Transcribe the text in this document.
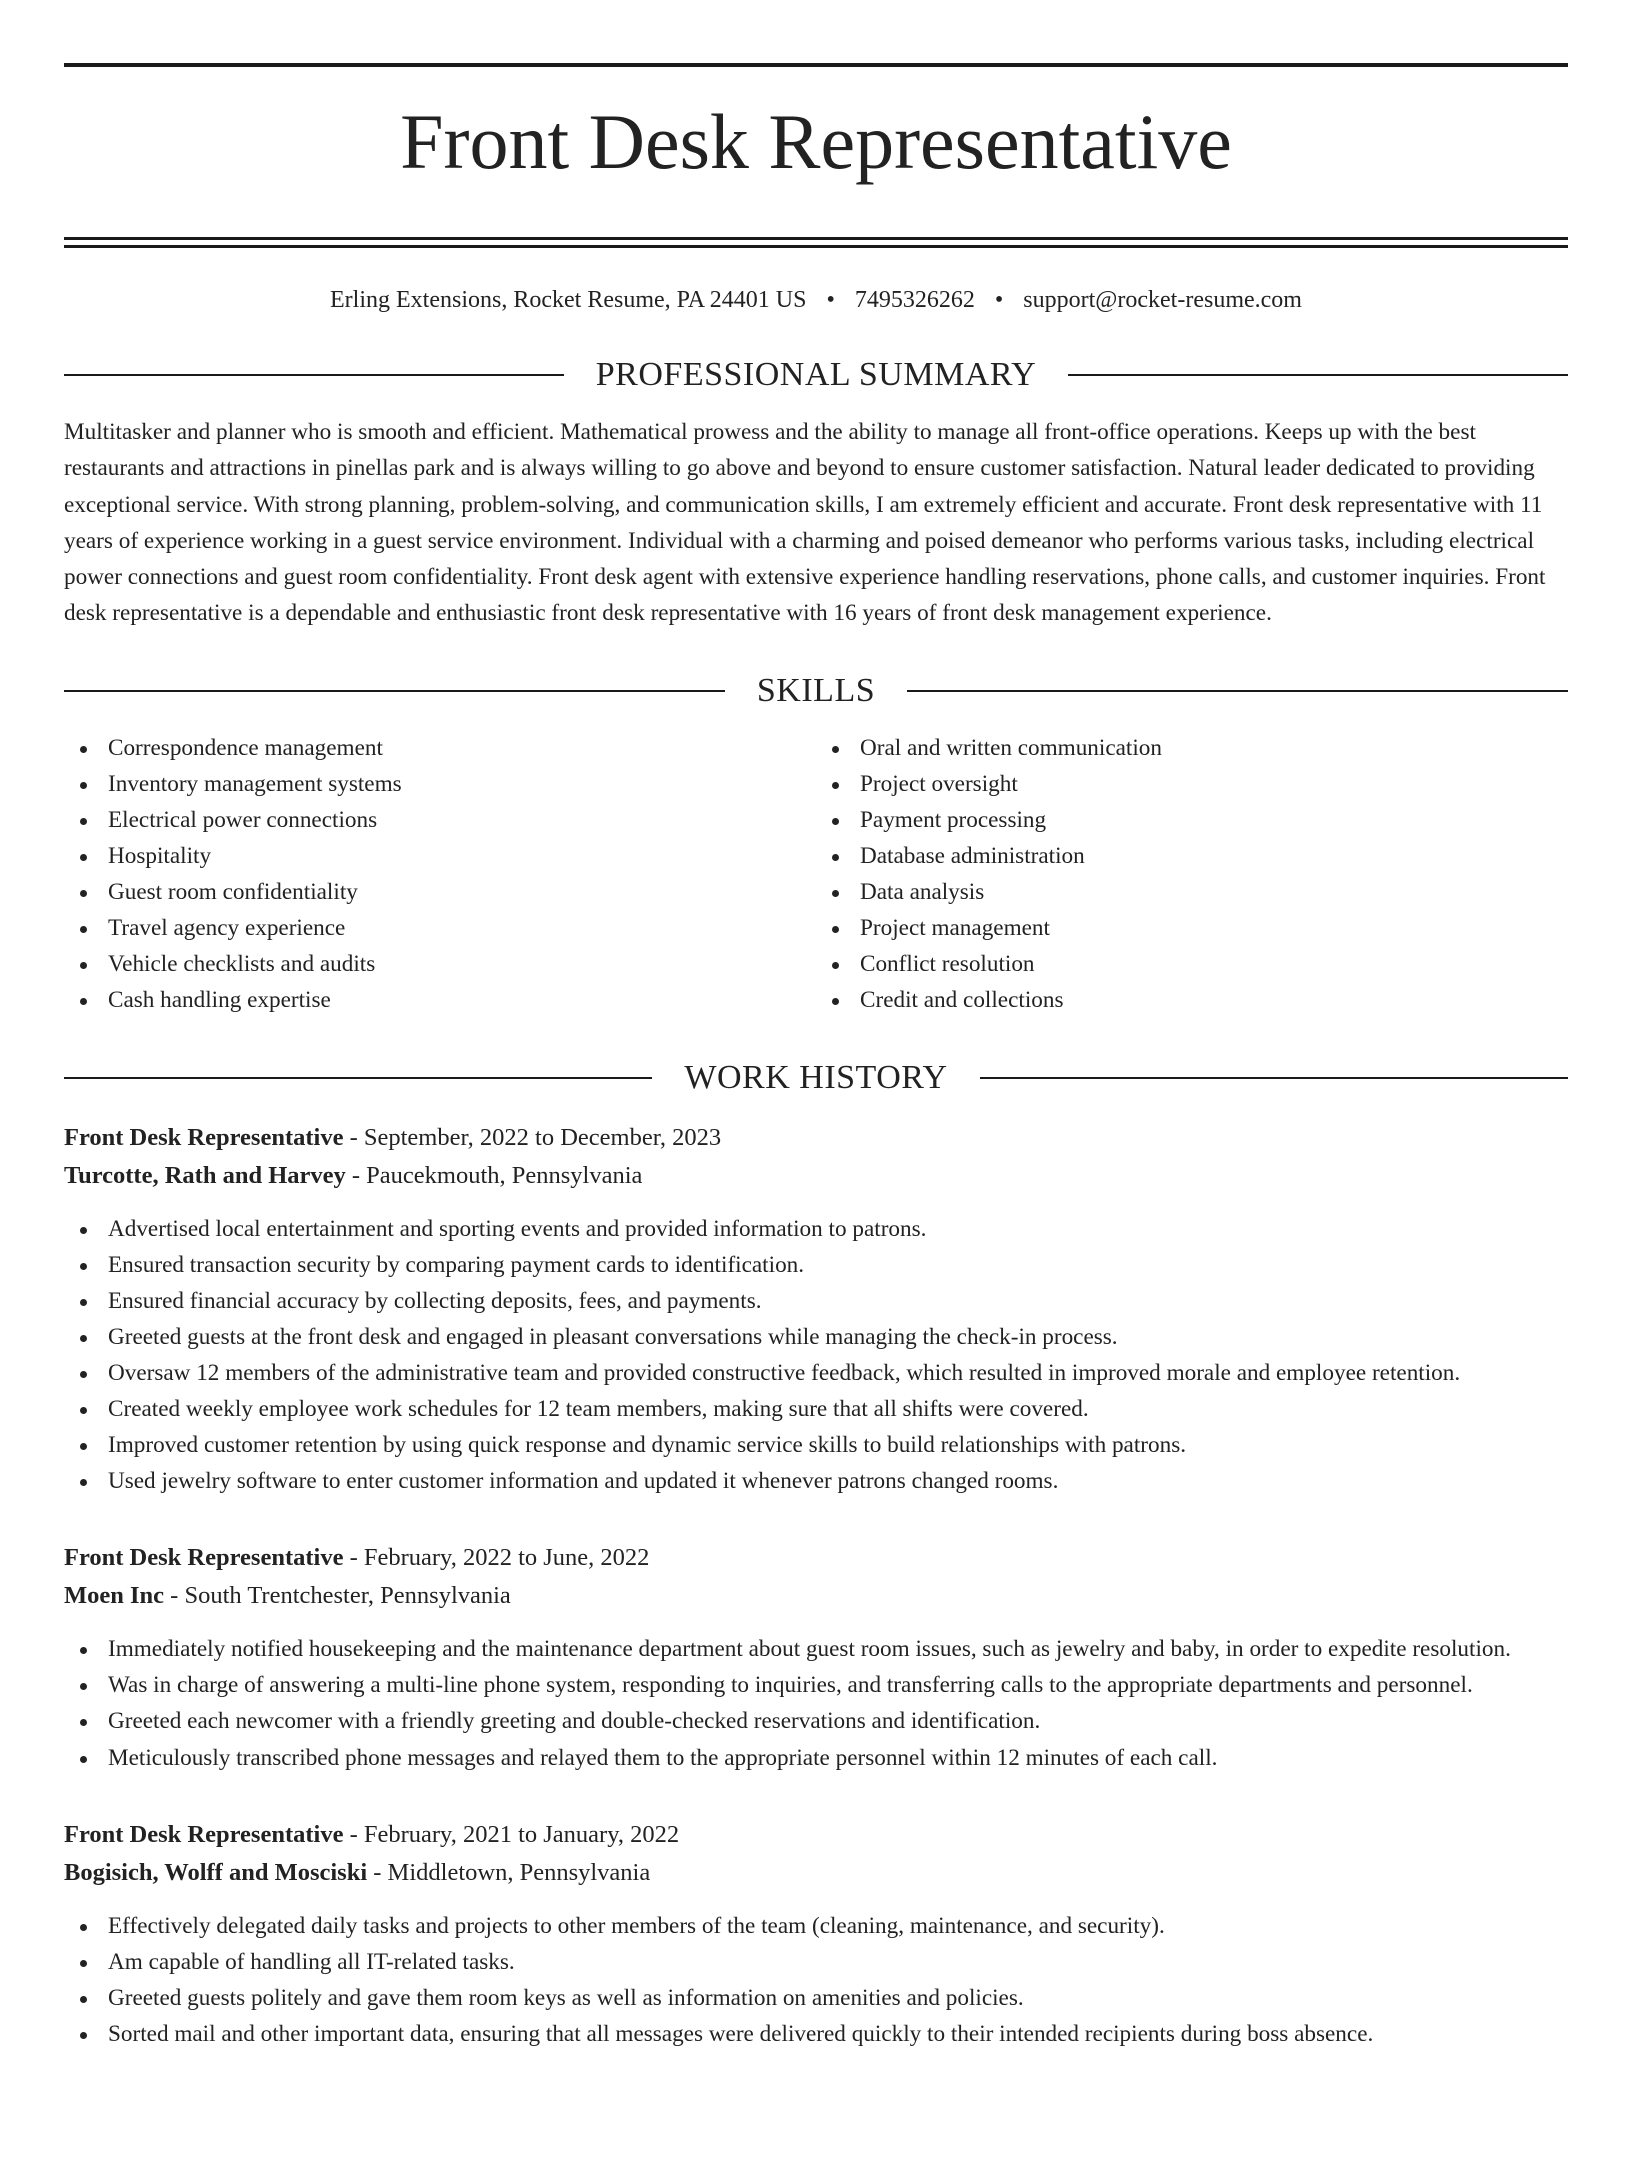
Front Desk Representative
Erling Extensions, Rocket Resume, PA 24401 US • 7495326262 • support@rocket-resume.com
PROFESSIONAL SUMMARY

Multitasker and planner who is smooth and efficient. Mathematical prowess and the ability to manage all front-office operations. Keeps up with the best restaurants and attractions in pinellas park and is always willing to go above and beyond to ensure customer satisfaction. Natural leader dedicated to providing exceptional service. With strong planning, problem-solving, and communication skills, I am extremely efficient and accurate. Front desk representative with 11 years of experience working in a guest service environment. Individual with a charming and poised demeanor who performs various tasks, including electrical power connections and guest room confidentiality. Front desk agent with extensive experience handling reservations, phone calls, and customer inquiries. Front desk representative is a dependable and enthusiastic front desk representative with 16 years of front desk management experience.

SKILLS
Correspondence management
Inventory management systems
Electrical power connections
Hospitality
Guest room confidentiality
Travel agency experience
Vehicle checklists and audits
Cash handling expertise
Oral and written communication
Project oversight
Payment processing
Database administration
Data analysis
Project management
Conflict resolution
Credit and collections
WORK HISTORY
Front Desk Representative - September, 2022 to December, 2023
Turcotte, Rath and Harvey - Paucekmouth, Pennsylvania
Advertised local entertainment and sporting events and provided information to patrons.
Ensured transaction security by comparing payment cards to identification.
Ensured financial accuracy by collecting deposits, fees, and payments.
Greeted guests at the front desk and engaged in pleasant conversations while managing the check-in process.
Oversaw 12 members of the administrative team and provided constructive feedback, which resulted in improved morale and employee retention.
Created weekly employee work schedules for 12 team members, making sure that all shifts were covered.
Improved customer retention by using quick response and dynamic service skills to build relationships with patrons.
Used jewelry software to enter customer information and updated it whenever patrons changed rooms.
Front Desk Representative - February, 2022 to June, 2022
Moen Inc - South Trentchester, Pennsylvania
Immediately notified housekeeping and the maintenance department about guest room issues, such as jewelry and baby, in order to expedite resolution.
Was in charge of answering a multi-line phone system, responding to inquiries, and transferring calls to the appropriate departments and personnel.
Greeted each newcomer with a friendly greeting and double-checked reservations and identification.
Meticulously transcribed phone messages and relayed them to the appropriate personnel within 12 minutes of each call.
Front Desk Representative - February, 2021 to January, 2022
Bogisich, Wolff and Mosciski - Middletown, Pennsylvania
Effectively delegated daily tasks and projects to other members of the team (cleaning, maintenance, and security).
Am capable of handling all IT-related tasks.
Greeted guests politely and gave them room keys as well as information on amenities and policies.
Sorted mail and other important data, ensuring that all messages were delivered quickly to their intended recipients during boss absence.
